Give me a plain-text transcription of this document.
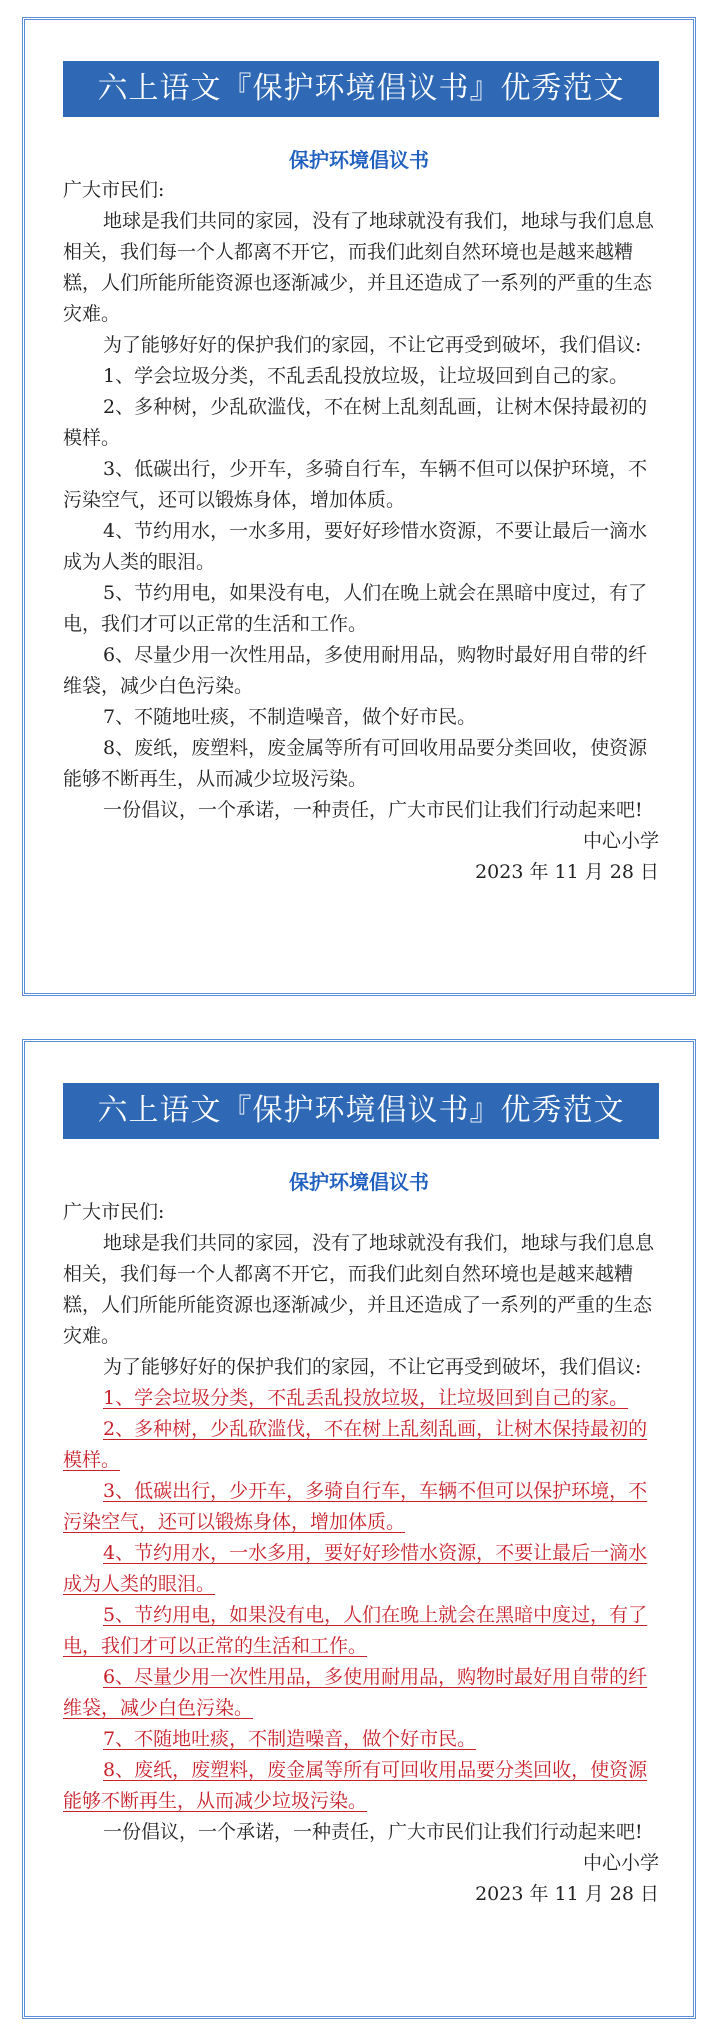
六上语文『保护环境倡议书』优秀范文
保护环境倡议书

广大市民们:

地球是我们共同的家园，没有了地球就没有我们，地球与我们息息相关，我们每一个人都离不开它，而我们此刻自然环境也是越来越糟糕，人们所能所能资源也逐渐减少，并且还造成了一系列的严重的生态灾难。

为了能够好好的保护我们的家园，不让它再受到破坏，我们倡议:

1、学会垃圾分类，不乱丢乱投放垃圾，让垃圾回到自己的家。

2、多种树，少乱砍滥伐，不在树上乱刻乱画，让树木保持最初的模样。

3、低碳出行，少开车，多骑自行车，车辆不但可以保护环境，不污染空气，还可以锻炼身体，增加体质。

4、节约用水，一水多用，要好好珍惜水资源，不要让最后一滴水成为人类的眼泪。

5、节约用电，如果没有电，人们在晚上就会在黑暗中度过，有了电，我们才可以正常的生活和工作。

6、尽量少用一次性用品，多使用耐用品，购物时最好用自带的纤维袋，减少白色污染。

7、不随地吐痰，不制造噪音，做个好市民。

8、废纸，废塑料，废金属等所有可回收用品要分类回收，使资源能够不断再生，从而减少垃圾污染。

一份倡议，一个承诺，一种责任，广大市民们让我们行动起来吧!

中心小学

2023 年 11 月 28 日

六上语文『保护环境倡议书』优秀范文
保护环境倡议书

广大市民们:

地球是我们共同的家园，没有了地球就没有我们，地球与我们息息相关，我们每一个人都离不开它，而我们此刻自然环境也是越来越糟糕，人们所能所能资源也逐渐减少，并且还造成了一系列的严重的生态灾难。

为了能够好好的保护我们的家园，不让它再受到破坏，我们倡议:

1、学会垃圾分类，不乱丢乱投放垃圾，让垃圾回到自己的家。

2、多种树，少乱砍滥伐，不在树上乱刻乱画，让树木保持最初的模样。

3、低碳出行，少开车，多骑自行车，车辆不但可以保护环境，不污染空气，还可以锻炼身体，增加体质。

4、节约用水，一水多用，要好好珍惜水资源，不要让最后一滴水成为人类的眼泪。

5、节约用电，如果没有电，人们在晚上就会在黑暗中度过，有了电，我们才可以正常的生活和工作。

6、尽量少用一次性用品，多使用耐用品，购物时最好用自带的纤维袋，减少白色污染。

7、不随地吐痰，不制造噪音，做个好市民。

8、废纸，废塑料，废金属等所有可回收用品要分类回收，使资源能够不断再生，从而减少垃圾污染。

一份倡议，一个承诺，一种责任，广大市民们让我们行动起来吧!

中心小学

2023 年 11 月 28 日
